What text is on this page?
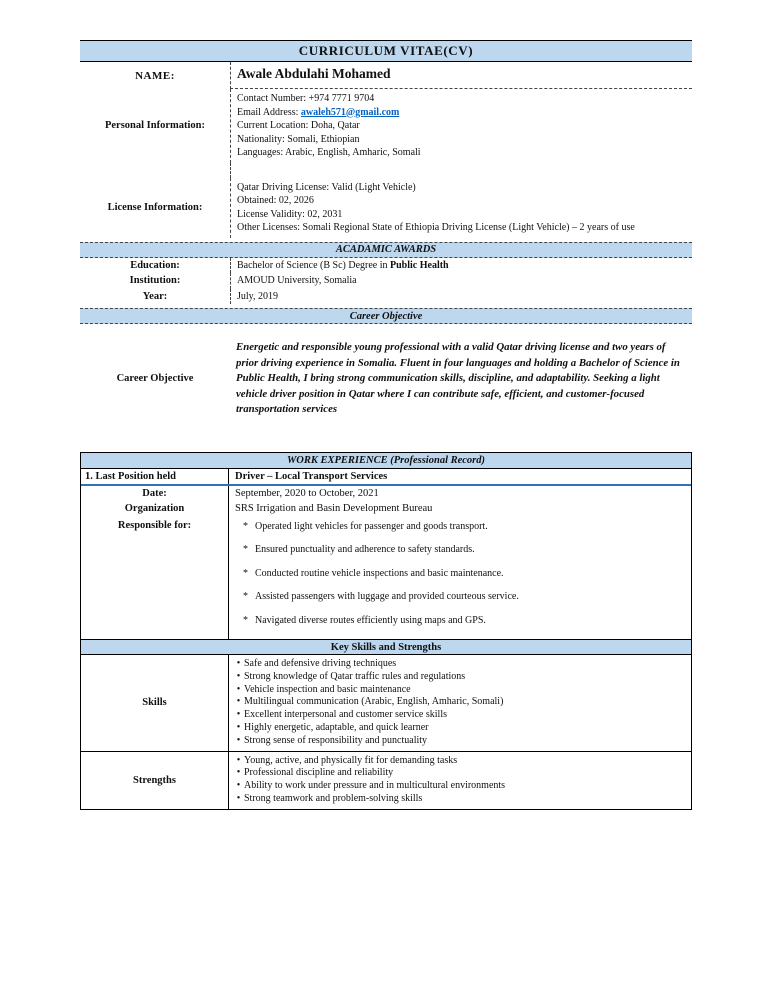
CURRICULUM VITAE(CV)
NAME:	Awale Abdulahi Mohamed
Personal Information:
Contact Number: +974 7771 9704
Email Address: awaleh571@gmail.com
Current Location: Doha, Qatar
Nationality: Somali, Ethiopian
Languages: Arabic, English, Amharic, Somali
License Information:
Qatar Driving License: Valid (Light Vehicle)
Obtained: 02, 2026
License Validity: 02, 2031
Other Licenses: Somali Regional State of Ethiopia Driving License (Light Vehicle) – 2 years of use
ACADAMIC AWARDS
Education:	Bachelor of Science (B Sc) Degree in Public Health
Institution:	AMOUD University, Somalia
Year:	July, 2019
Career Objective
Career Objective
Energetic and responsible young professional with a valid Qatar driving license and two years of prior driving experience in Somalia. Fluent in four languages and holding a Bachelor of Science in Public Health, I bring strong communication skills, discipline, and adaptability. Seeking a light vehicle driver position in Qatar where I can contribute safe, efficient, and customer-focused transportation services
WORK EXPERIENCE (Professional Record)
1. Last Position held	Driver – Local Transport Services
Date:	September, 2020 to October, 2021
Organization	SRS Irrigation and Basin Development Bureau
Responsible for:	* Operated light vehicles for passenger and goods transport.
* Ensured punctuality and adherence to safety standards.
* Conducted routine vehicle inspections and basic maintenance.
* Assisted passengers with luggage and provided courteous service.
* Navigated diverse routes efficiently using maps and GPS.
Key Skills and Strengths
Skills
• Safe and defensive driving techniques
• Strong knowledge of Qatar traffic rules and regulations
• Vehicle inspection and basic maintenance
• Multilingual communication (Arabic, English, Amharic, Somali)
• Excellent interpersonal and customer service skills
• Highly energetic, adaptable, and quick learner
• Strong sense of responsibility and punctuality
Strengths
• Young, active, and physically fit for demanding tasks
• Professional discipline and reliability
• Ability to work under pressure and in multicultural environments
• Strong teamwork and problem-solving skills
